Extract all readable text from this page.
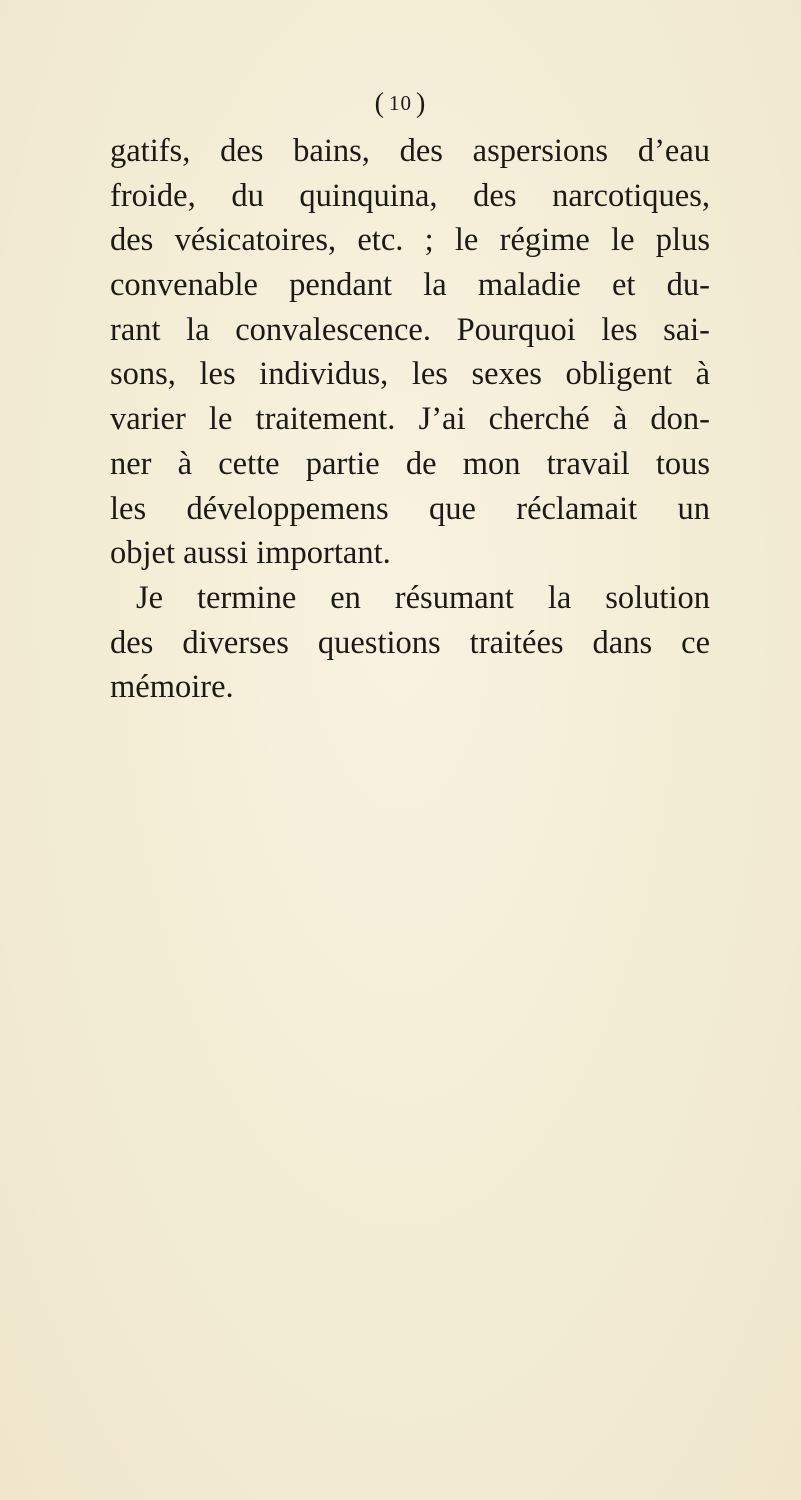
( 10 )
gatifs, des bains, des aspersions d’eau
froide, du quinquina, des narcotiques,
des vésicatoires, etc. ; le régime le plus
convenable pendant la maladie et du-
rant la convalescence. Pourquoi les sai-
sons, les individus, les sexes obligent à
varier le traitement. J’ai cherché à don-
ner à cette partie de mon travail tous
les développemens que réclamait un
objet aussi important.
Je termine en résumant la solution
des diverses questions traitées dans ce
mémoire.
